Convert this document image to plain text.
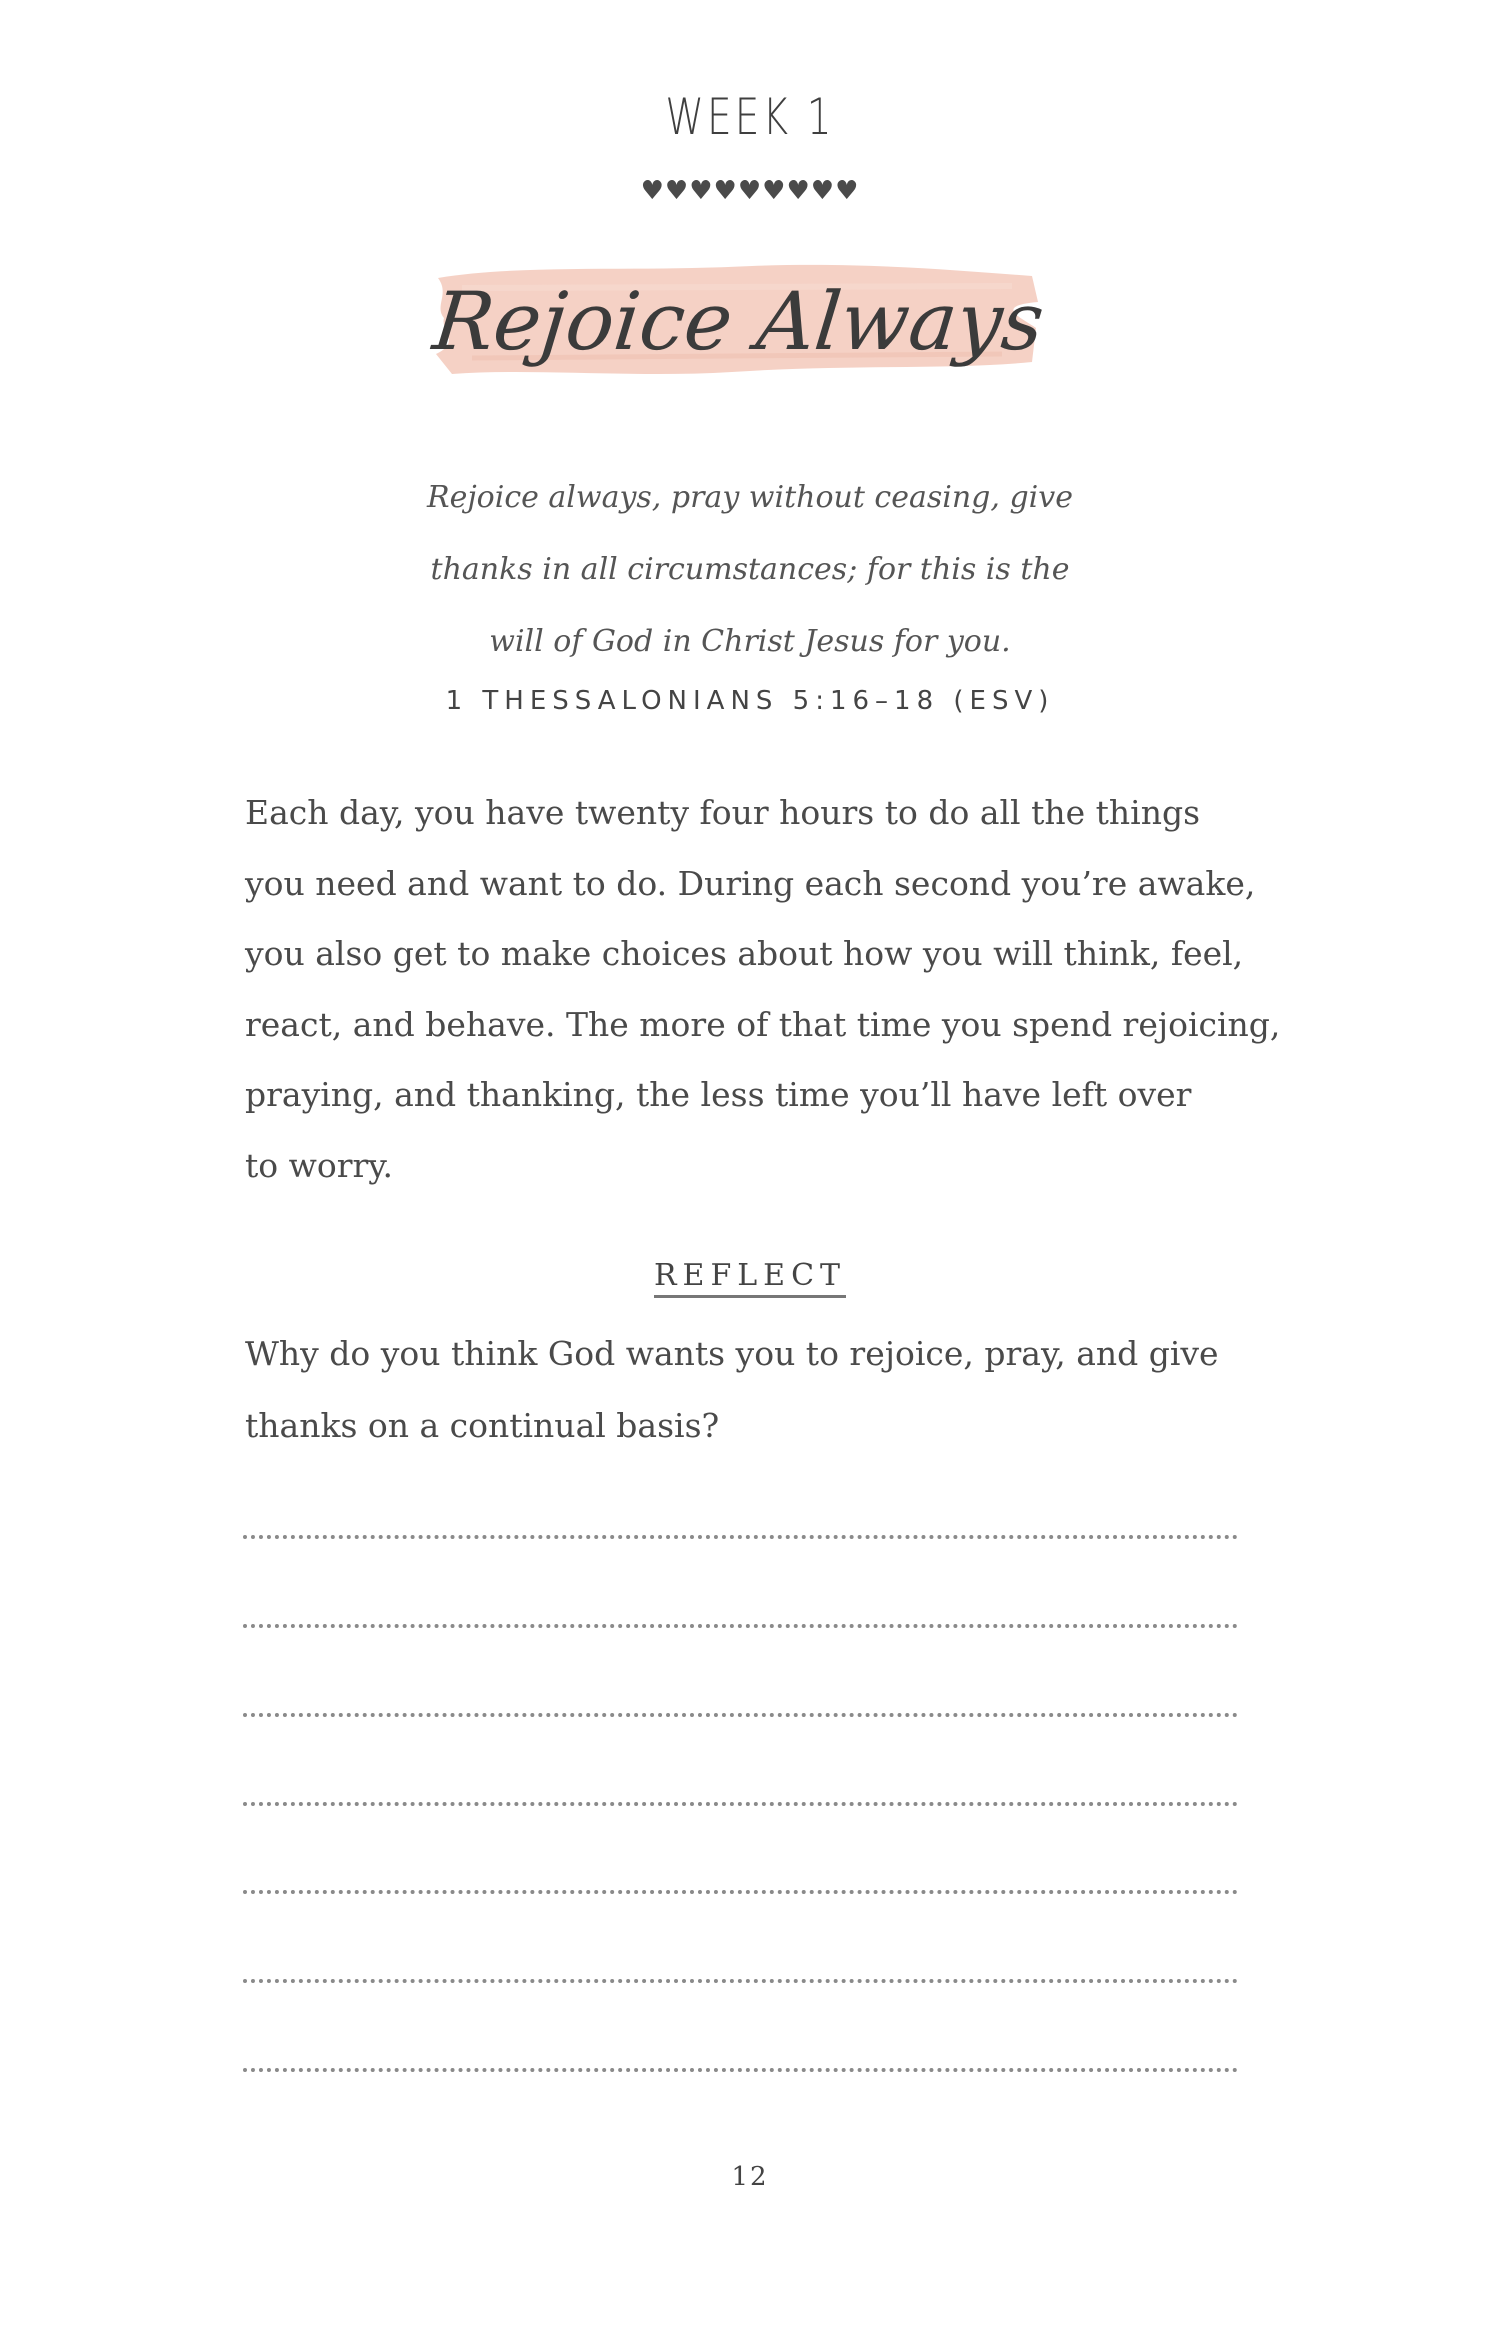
WEEK 1
♥♥♥♥♥♥♥♥♥
Rejoice Always
Rejoice always, pray without ceasing, give
thanks in all circumstances; for this is the
will of God in Christ Jesus for you.
1 THESSALONIANS 5:16–18 (ESV)

Each day, you have twenty four hours to do all the things

you need and want to do. During each second you’re awake,

you also get to make choices about how you will think, feel,

react, and behave. The more of that time you spend rejoicing,

praying, and thanking, the less time you’ll have left over

to worry.

REFLECT

Why do you think God wants you to rejoice, pray, and give

thanks on a continual basis?

12
